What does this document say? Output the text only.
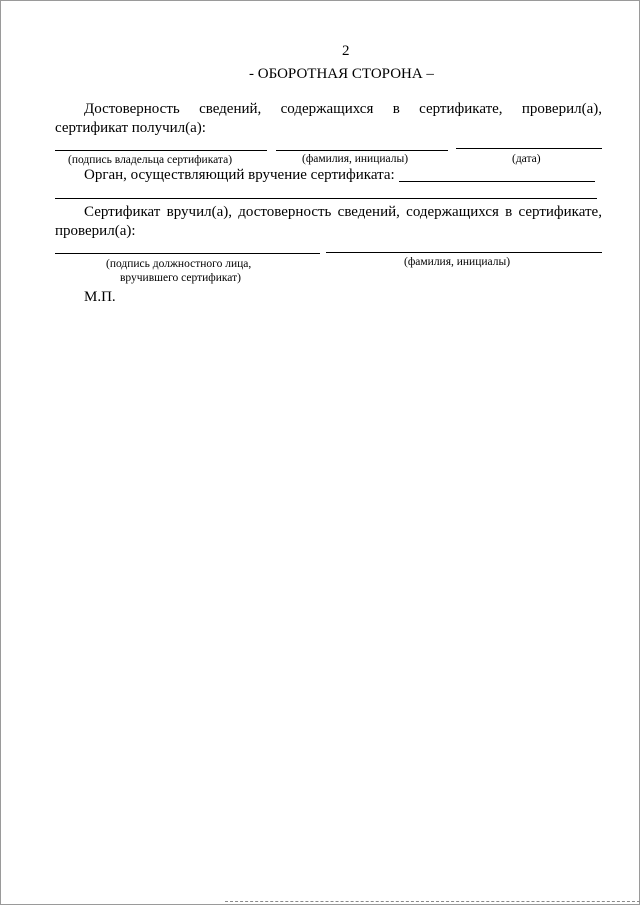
2
- ОБОРОТНАЯ СТОРОНА –
Достоверность сведений, содержащихся в сертификате, проверил(а),
сертификат получил(а):
(подпись владельца сертификата)	(фамилия, инициалы)	(дата)
Орган, осуществляющий вручение сертификата:
Сертификат вручил(а), достоверность сведений, содержащихся в сертификате,
проверил(а):
(подпись должностного лица,
вручившего сертификат)
(фамилия, инициалы)
М.П.
